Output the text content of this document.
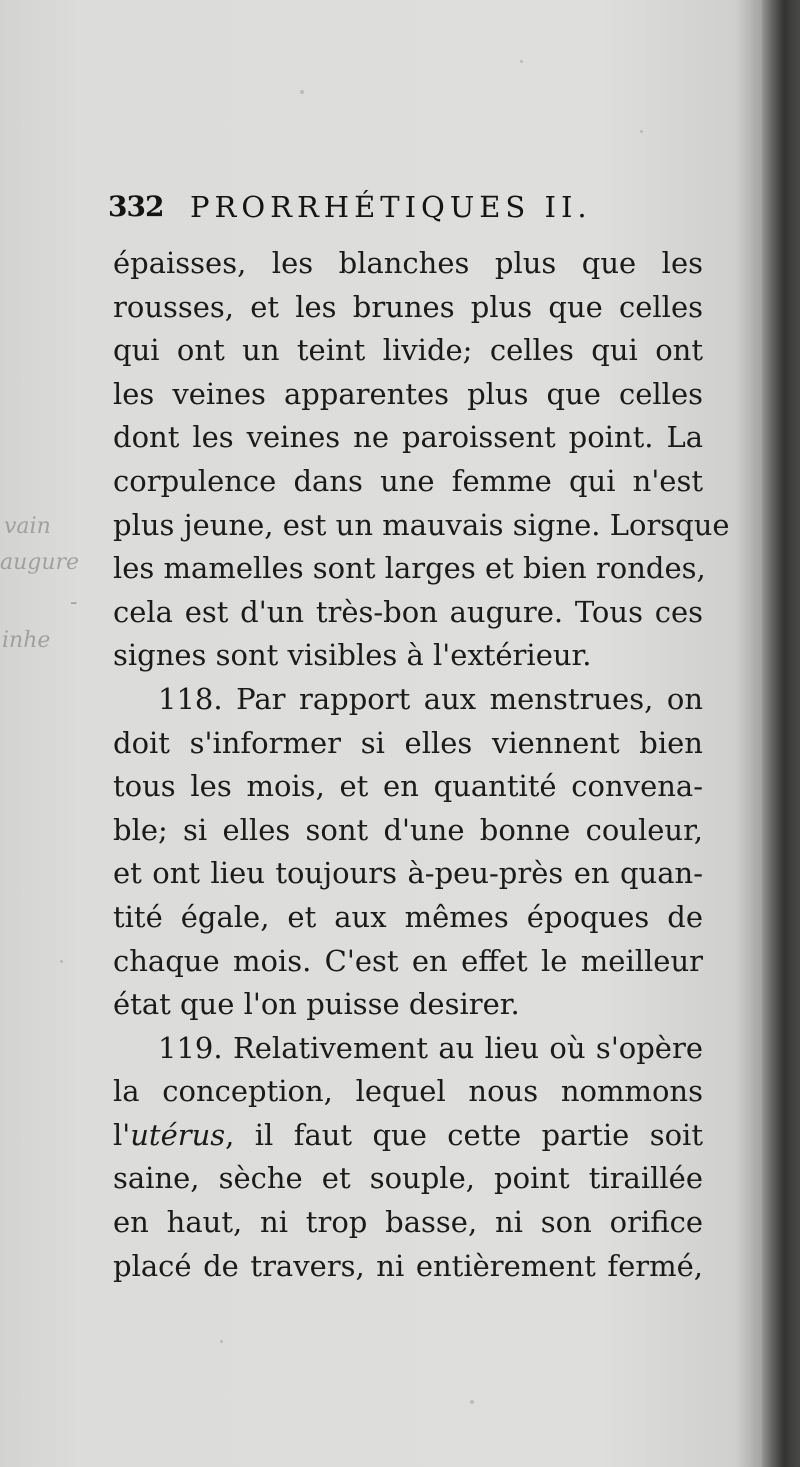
332 PRORRHÉTIQUES II.
vain
augure
-
inhe
épaisses, les blanches plus que les
rousses, et les brunes plus que celles
qui ont un teint livide; celles qui ont
les veines apparentes plus que celles
dont les veines ne paroissent point. La
corpulence dans une femme qui n'est
plus jeune, est un mauvais signe. Lorsque
les mamelles sont larges et bien rondes,
cela est d'un très-bon augure. Tous ces
signes sont visibles à l'extérieur.
118. Par rapport aux menstrues, on
doit s'informer si elles viennent bien
tous les mois, et en quantité convena-
ble; si elles sont d'une bonne couleur,
et ont lieu toujours à-peu-près en quan-
tité égale, et aux mêmes époques de
chaque mois. C'est en effet le meilleur
état que l'on puisse desirer.
119. Relativement au lieu où s'opère
la conception, lequel nous nommons
l'utérus, il faut que cette partie soit
saine, sèche et souple, point tiraillée
en haut, ni trop basse, ni son orifice
placé de travers, ni entièrement fermé,
